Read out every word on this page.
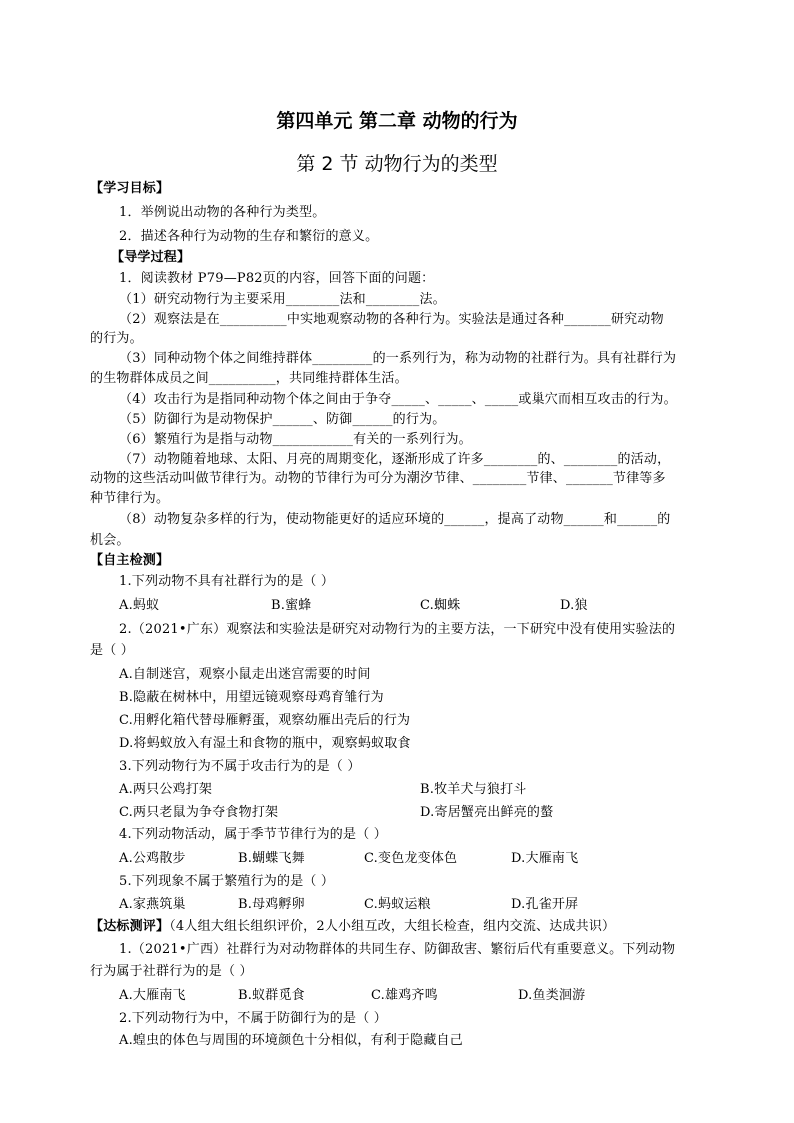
第四单元 第二章 动物的行为
第 2 节 动物行为的类型
【学习目标】
1．举例说出动物的各种行为类型。
2．描述各种行为动物的生存和繁衍的意义。
【导学过程】
1．阅读教材 P79—P82页的内容，回答下面的问题：
（1）研究动物行为主要采用________法和________法。
（2）观察法是在__________中实地观察动物的各种行为。实验法是通过各种_______研究动物
的行为。
（3）同种动物个体之间维持群体_________的一系列行为，称为动物的社群行为。具有社群行为
的生物群体成员之间__________，共同维持群体生活。
（4）攻击行为是指同种动物个体之间由于争夺_____、_____、_____或巢穴而相互攻击的行为。
（5）防御行为是动物保护______、防御______的行为。
（6）繁殖行为是指与动物____________有关的一系列行为。
（7）动物随着地球、太阳、月亮的周期变化，逐渐形成了许多________的、________的活动，
动物的这些活动叫做节律行为。动物的节律行为可分为潮汐节律、________节律、_______节律等多
种节律行为。
（8）动物复杂多样的行为，使动物能更好的适应环境的______，提高了动物______和______的
机会。
【自主检测】
1.下列动物不具有社群行为的是（ ）
A.蚂蚁	B.蜜蜂	C.蜘蛛	D.狼
2.（2021•广东）观察法和实验法是研究对动物行为的主要方法，一下研究中没有使用实验法的
是（ ）
A.自制迷宫，观察小鼠走出迷宫需要的时间
B.隐蔽在树林中，用望远镜观察母鸡育雏行为
C.用孵化箱代替母雁孵蛋，观察幼雁出壳后的行为
D.将蚂蚁放入有湿土和食物的瓶中，观察蚂蚁取食
3.下列动物行为不属于攻击行为的是（ ）
A.两只公鸡打架	B.牧羊犬与狼打斗
C.两只老鼠为争夺食物打架	D.寄居蟹亮出鲜亮的螯
4.下列动物活动，属于季节节律行为的是（ ）
A.公鸡散步	B.蝴蝶飞舞	C.变色龙变体色	D.大雁南飞
5.下列现象不属于繁殖行为的是（ ）
A.家燕筑巢	B.母鸡孵卵	C.蚂蚁运粮	D.孔雀开屏
【达标测评】（4人组大组长组织评价，2人小组互改，大组长检查，组内交流、达成共识）
1.（2021•广西）社群行为对动物群体的共同生存、防御敌害、繁衍后代有重要意义。下列动物
行为属于社群行为的是（ ）
A.大雁南飞	B.蚁群觅食	C.雄鸡齐鸣	D.鱼类洄游
2.下列动物行为中，不属于防御行为的是（ ）
A.蝗虫的体色与周围的环境颜色十分相似，有利于隐藏自己
